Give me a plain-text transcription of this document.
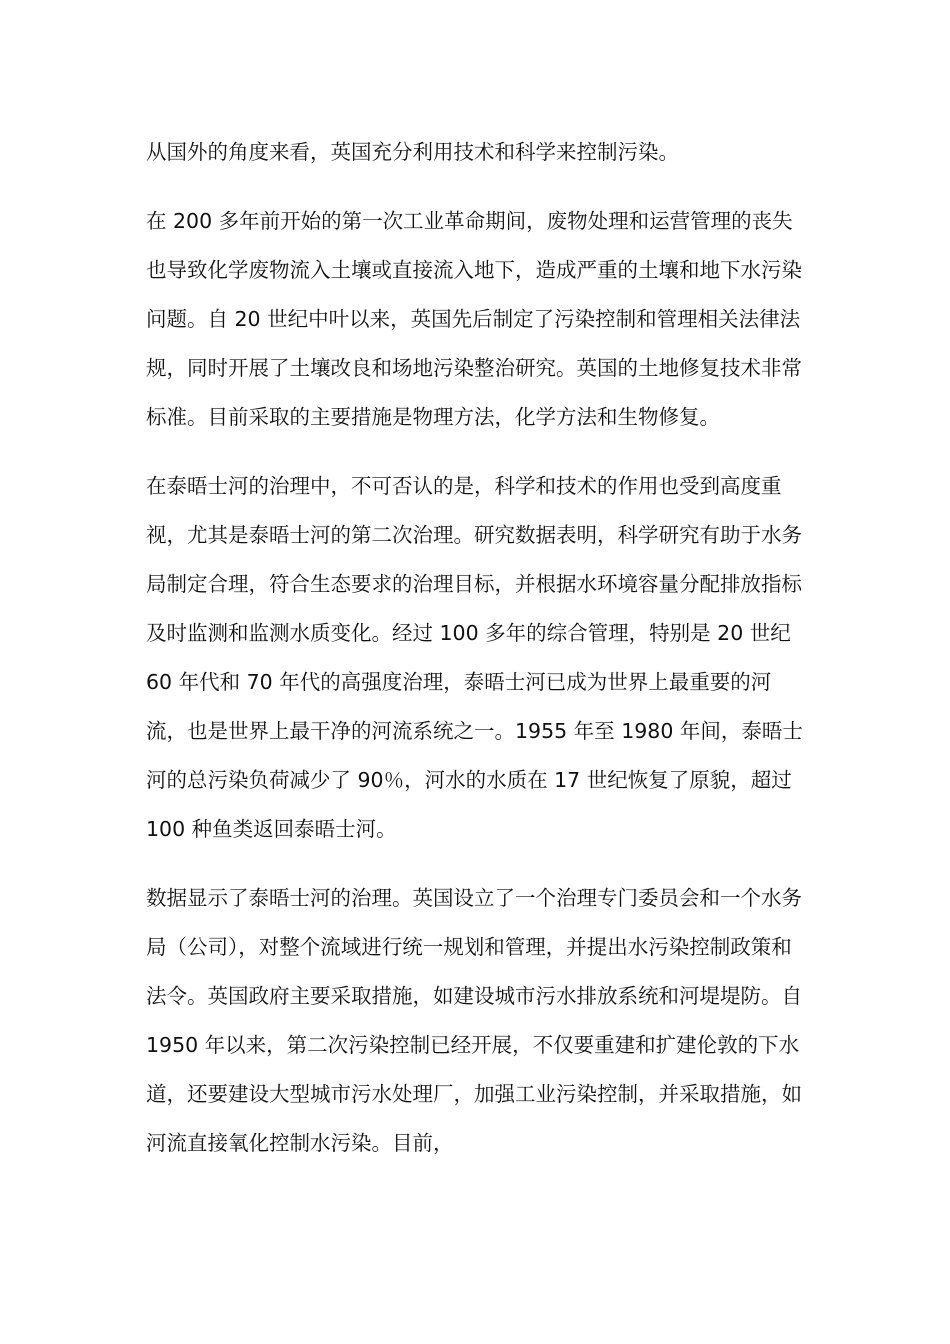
从国外的角度来看，英国充分利用技术和科学来控制污染。

在 200 多年前开始的第一次工业革命期间，废物处理和运营管理的丧失也导致化学废物流入土壤或直接流入地下，造成严重的土壤和地下水污染问题。自 20 世纪中叶以来，英国先后制定了污染控制和管理相关法律法规，同时开展了土壤改良和场地污染整治研究。英国的土地修复技术非常标准。目前采取的主要措施是物理方法，化学方法和生物修复。

在泰晤士河的治理中，不可否认的是，科学和技术的作用也受到高度重视，尤其是泰晤士河的第二次治理。研究数据表明，科学研究有助于水务局制定合理，符合生态要求的治理目标，并根据水环境容量分配排放指标及时监测和监测水质变化。经过 100 多年的综合管理，特别是 20 世纪 60 年代和 70 年代的高强度治理，泰晤士河已成为世界上最重要的河流，也是世界上最干净的河流系统之一。1955 年至 1980 年间，泰晤士河的总污染负荷减少了 90％，河水的水质在 17 世纪恢复了原貌，超过 100 种鱼类返回泰晤士河。

数据显示了泰晤士河的治理。英国设立了一个治理专门委员会和一个水务局（公司），对整个流域进行统一规划和管理，并提出水污染控制政策和法令。英国政府主要采取措施，如建设城市污水排放系统和河堤堤防。自 1950 年以来，第二次污染控制已经开展，不仅要重建和扩建伦敦的下水道，还要建设大型城市污水处理厂，加强工业污染控制，并采取措施，如河流直接氧化控制水污染。目前，
